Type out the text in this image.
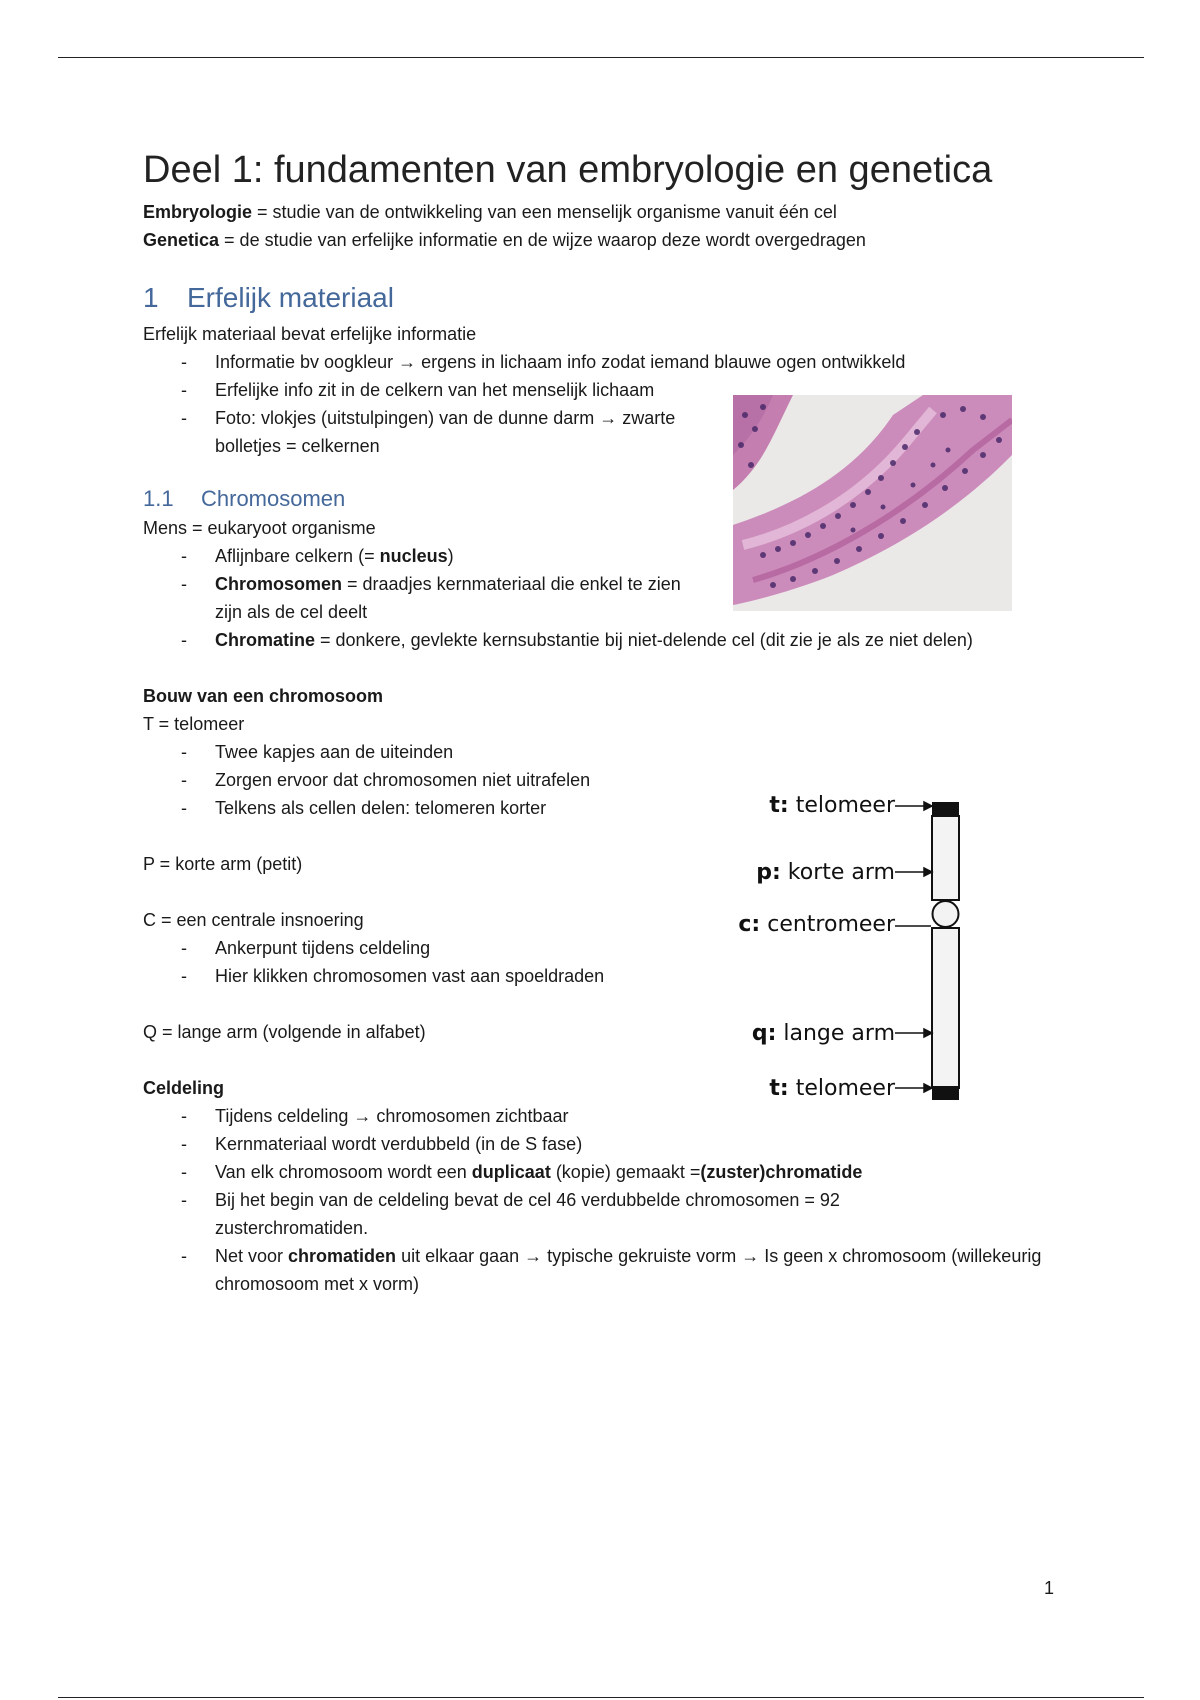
Deel 1: fundamenten van embryologie en genetica

Embryologie = studie van de ontwikkeling van een menselijk organisme vanuit één cel

Genetica = de studie van erfelijke informatie en de wijze waarop deze wordt overgedragen

1 Erfelijk materiaal

Erfelijk materiaal bevat erfelijke informatie

- Informatie bv oogkleur → ergens in lichaam info zodat iemand blauwe ogen ontwikkeld
- Erfelijke info zit in de celkern van het menselijk lichaam
- Foto: vlokjes (uitstulpingen) van de dunne darm → zwarte bolletjes = celkernen
1.1 Chromosomen

Mens = eukaryoot organisme

- Aflijnbare celkern (= nucleus)
- Chromosomen = draadjes kernmateriaal die enkel te zien zijn als de cel deelt
- Chromatine = donkere, gevlekte kernsubstantie bij niet-delende cel (dit zie je als ze niet delen)

Bouw van een chromosoom

T = telomeer

- Twee kapjes aan de uiteinden
- Zorgen ervoor dat chromosomen niet uitrafelen
- Telkens als cellen delen: telomeren korter

P = korte arm (petit)

C = een centrale insnoering

- Ankerpunt tijdens celdeling
- Hier klikken chromosomen vast aan spoeldraden

Q = lange arm (volgende in alfabet)

Celdeling

- Tijdens celdeling → chromosomen zichtbaar
- Kernmateriaal wordt verdubbeld (in de S fase)
- Van elk chromosoom wordt een duplicaat (kopie) gemaakt =(zuster)chromatide
- Bij het begin van de celdeling bevat de cel 46 verdubbelde chromosomen = 92 zusterchromatiden.
- Net voor chromatiden uit elkaar gaan → typische gekruiste vorm → Is geen x chromosoom (willekeurig chromosoom met x vorm)
t: telomeer
p: korte arm
c: centromeer
q: lange arm
t: telomeer
1
